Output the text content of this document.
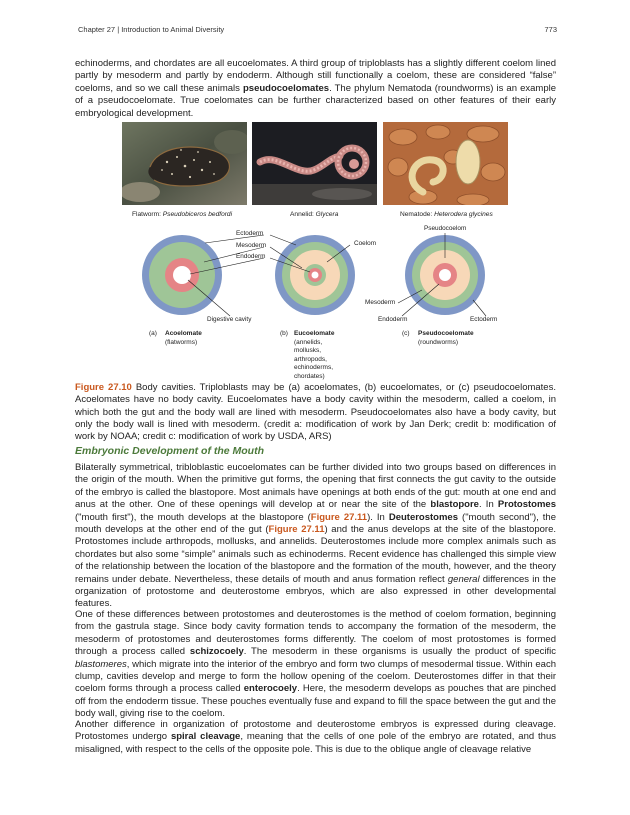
Chapter 27 | Introduction to Animal Diversity	773

echinoderms, and chordates are all eucoelomates. A third group of triploblasts has a slightly different coelom lined partly by mesoderm and partly by endoderm. Although still functionally a coelom, these are considered “false” coeloms, and so we call these animals pseudocoelomates. The phylum Nematoda (roundworms) is an example of a pseudocoelomate. True coelomates can be further characterized based on other features of their early embryological development.

Flatworm: Pseudobiceros bedfordi	Annelid: Glycera	Nematode: Heterodera glycines
Ectoderm
Mesoderm
Endoderm
Digestive cavity
Coelom
Pseudocoelom
Mesoderm
Endoderm	Ectoderm
(a) Acoelomate
(flatworms)
(b) Eucoelomate
(annelids,
mollusks,
arthropods,
echinoderms,
chordates)
(c) Pseudocoelomate
(roundworms)

Figure 27.10 Body cavities. Triploblasts may be (a) acoelomates, (b) eucoelomates, or (c) pseudocoelomates. Acoelomates have no body cavity. Eucoelomates have a body cavity within the mesoderm, called a coelom, in which both the gut and the body wall are lined with mesoderm. Pseudocoelomates also have a body cavity, but only the body wall is lined with mesoderm. (credit a: modification of work by Jan Derk; credit b: modification of work by NOAA; credit c: modification of work by USDA, ARS)

Embryonic Development of the Mouth

Bilaterally symmetrical, tribloblastic eucoelomates can be further divided into two groups based on differences in the origin of the mouth. When the primitive gut forms, the opening that first connects the gut cavity to the outside of the embryo is called the blastopore. Most animals have openings at both ends of the gut: mouth at one end and anus at the other. One of these openings will develop at or near the site of the blastopore. In Protostomes ("mouth first"), the mouth develops at the blastopore (Figure 27.11). In Deuterostomes ("mouth second"), the mouth develops at the other end of the gut (Figure 27.11) and the anus develops at the site of the blastopore. Protostomes include arthropods, mollusks, and annelids. Deuterostomes include more complex animals such as chordates but also some “simple” animals such as echinoderms. Recent evidence has challenged this simple view of the relationship between the location of the blastopore and the formation of the mouth, however, and the theory remains under debate. Nevertheless, these details of mouth and anus formation reflect general differences in the organization of protostome and deuterostome embryos, which are also expressed in other developmental features.

One of these differences between protostomes and deuterostomes is the method of coelom formation, beginning from the gastrula stage. Since body cavity formation tends to accompany the formation of the mesoderm, the mesoderm of protostomes and deuterostomes forms differently. The coelom of most protostomes is formed through a process called schizocoely. The mesoderm in these organisms is usually the product of specific blastomeres, which migrate into the interior of the embryo and form two clumps of mesodermal tissue. Within each clump, cavities develop and merge to form the hollow opening of the coelom. Deuterostomes differ in that their coelom forms through a process called enterocoely. Here, the mesoderm develops as pouches that are pinched off from the endoderm tissue. These pouches eventually fuse and expand to fill the space between the gut and the body wall, giving rise to the coelom.

Another difference in organization of protostome and deuterostome embryos is expressed during cleavage. Protostomes undergo spiral cleavage, meaning that the cells of one pole of the embryo are rotated, and thus misaligned, with respect to the cells of the opposite pole. This is due to the oblique angle of cleavage relative
